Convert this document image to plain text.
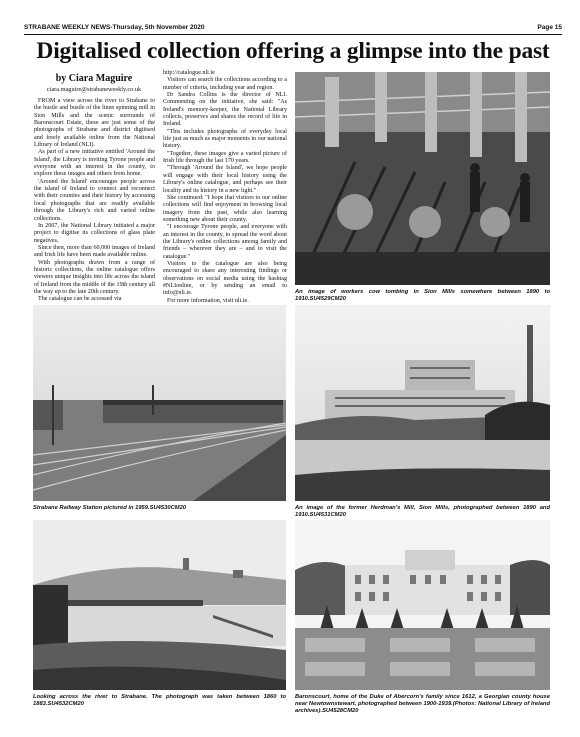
STRABANE WEEKLY NEWS-Thursday, 5th November 2020	Page 15
Digitalised collection offering a glimpse into the past
by Ciara Maguire
ciara.maguire@strabaneweekly.co.uk

FROM a view across the river to Strabane to the hustle and bustle of the linen spinning mill in Sion Mills and the scenic surrounds of Baronscourt Estate, these are just some of the photographs of Strabane and district digitised and freely available online from the National Library of Ireland (NLI).

As part of a new initiative entitled 'Around the Island', the Library is inviting Tyrone people and everyone with an interest in the county, to explore these images and others from home.

'Around the Island' encourages people across the island of Ireland to connect and reconnect with their counties and their history by accessing local photographs that are readily available through the Library's rich and varied online collections.

In 2007, the National Library initiated a major project to digitise its collections of glass plate negatives.

Since then, more than 60,000 images of Ireland and Irish life have been made available online.

With photographs drawn from a range of historic collections, the online catalogue offers viewers unique insights into life across the island of Ireland from the middle of the 19th century all the way up to the late 20th century.

The catalogue can be accessed via

http://catalogue.nli.ie

Visitors can search the collections according to a number of criteria, including year and region.

Dr Sandra Collins is the director of NLI. Commenting on the initiative, she said: "As Ireland's memory-keeper, the National Library collects, preserves and shares the record of life in Ireland.

"This includes photographs of everyday local life just as much as major moments in our national history.

"Together, these images give a varied picture of Irish life through the last 170 years.

"Through 'Around the Island', we hope people will engage with their local history using the Library's online catalogue, and perhaps see their locality and its history in a new light."

She continued: "I hope that visitors to our online collections will find enjoyment in browsing local imagery from the past, while also learning something new about their county.

"I encourage Tyrone people, and everyone with an interest in the county, to spread the word about the Library's online collections among family and friends – wherever they are – and to visit the catalogue."

Visitors to the catalogue are also being encouraged to share any interesting findings or observations on social media using the hashtag #NLIonline, or by sending an email to info@nli.ie.

For more information, visit nli.ie.

An image of workers cow tombing in Sion Mills somewhere between 1890 to 1910.SU4529CM20
Strabane Railway Station pictured in 1959.SU4530CM20	An image of the former Herdman's Mill, Sion Mills, photographed between 1890 and 1910.SU4531CM20
Looking across the river to Strabane. The photograph was taken between 1860 to 1883.SU4532CM20
Baronscourt, home of the Duke of Abercorn's family since 1612, a Georgian county house near Newtownstewart, photographed between 1900-1939.(Photos: National Library of Ireland archives).SU4528CM20
